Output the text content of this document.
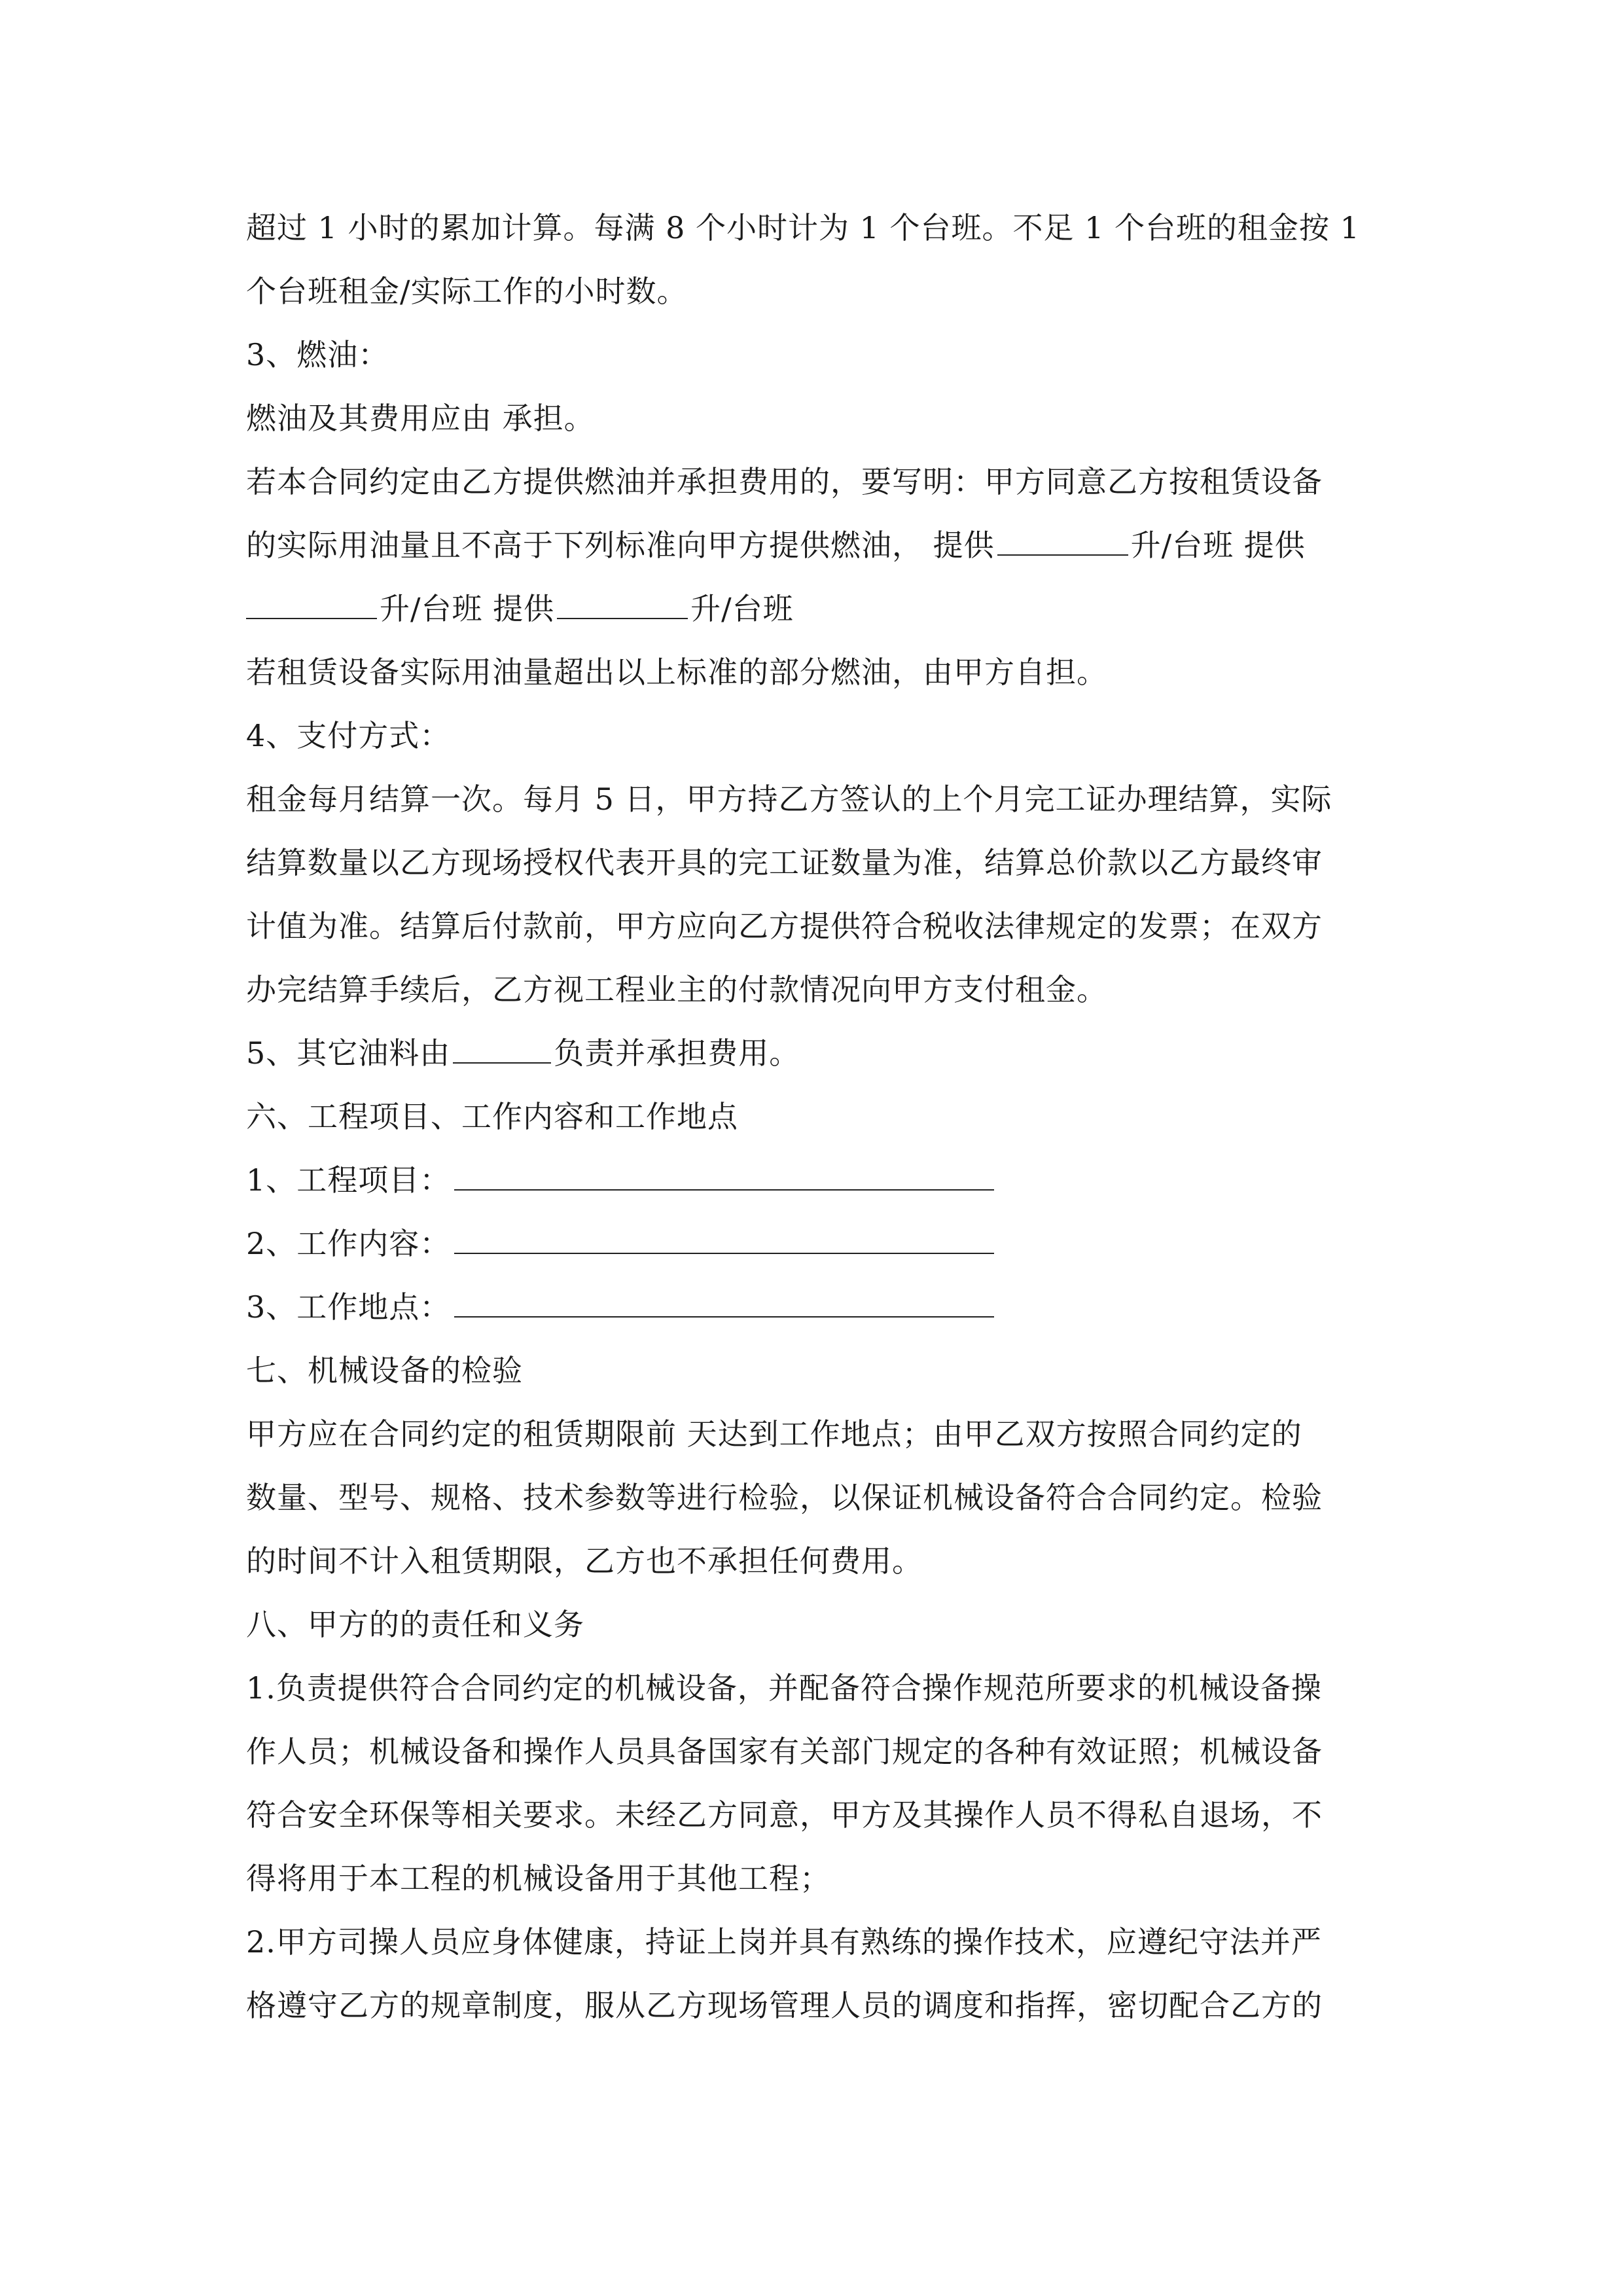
超过 1 小时的累加计算。每满 8 个小时计为 1 个台班。不足 1 个台班的租金按 1
个台班租金/实际工作的小时数。
3、燃油：
燃油及其费用应由 承担。
若本合同约定由乙方提供燃油并承担费用的，要写明：甲方同意乙方按租赁设备
的实际用油量且不高于下列标准向甲方提供燃油， 提供	升/台班 提供
升/台班 提供	升/台班
若租赁设备实际用油量超出以上标准的部分燃油，由甲方自担。
4、支付方式：
租金每月结算一次。每月 5 日，甲方持乙方签认的上个月完工证办理结算，实际
结算数量以乙方现场授权代表开具的完工证数量为准，结算总价款以乙方最终审
计值为准。结算后付款前，甲方应向乙方提供符合税收法律规定的发票；在双方
办完结算手续后，乙方视工程业主的付款情况向甲方支付租金。
5、其它油料由	负责并承担费用。
六、工程项目、工作内容和工作地点
1、工程项目：
2、工作内容：
3、工作地点：
七、机械设备的检验
甲方应在合同约定的租赁期限前 天达到工作地点；由甲乙双方按照合同约定的
数量、型号、规格、技术参数等进行检验，以保证机械设备符合合同约定。检验
的时间不计入租赁期限，乙方也不承担任何费用。
八、甲方的的责任和义务
1.负责提供符合合同约定的机械设备，并配备符合操作规范所要求的机械设备操
作人员；机械设备和操作人员具备国家有关部门规定的各种有效证照；机械设备
符合安全环保等相关要求。未经乙方同意，甲方及其操作人员不得私自退场，不
得将用于本工程的机械设备用于其他工程；
2.甲方司操人员应身体健康，持证上岗并具有熟练的操作技术，应遵纪守法并严
格遵守乙方的规章制度，服从乙方现场管理人员的调度和指挥，密切配合乙方的
